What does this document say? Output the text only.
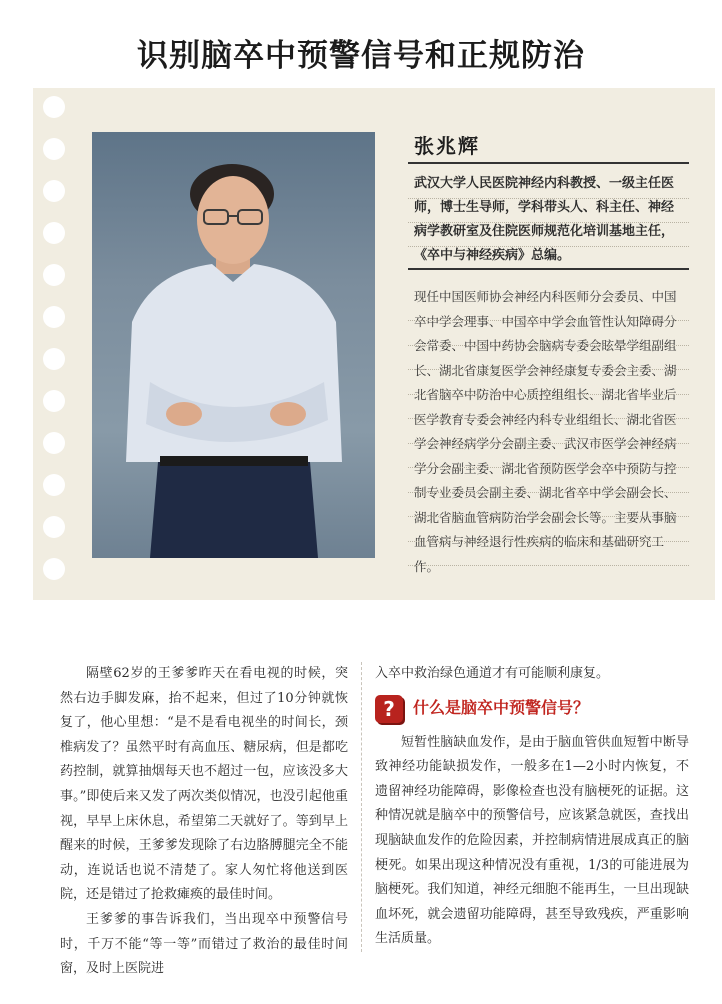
识别脑卒中预警信号和正规防治
张兆辉
武汉大学人民医院神经内科教授、一级主任医师，博士生导师，学科带头人、科主任、神经病学教研室及住院医师规范化培训基地主任，《卒中与神经疾病》总编。
现任中国医师协会神经内科医师分会委员、中国卒中学会理事、中国卒中学会血管性认知障碍分会常委、中国中药协会脑病专委会眩晕学组副组长、湖北省康复医学会神经康复专委会主委、湖北省脑卒中防治中心质控组组长、湖北省毕业后医学教育专委会神经内科专业组组长、湖北省医学会神经病学分会副主委、武汉市医学会神经病学分会副主委、湖北省预防医学会卒中预防与控制专业委员会副主委、湖北省卒中学会副会长、湖北省脑血管病防治学会副会长等。主要从事脑血管病与神经退行性疾病的临床和基础研究工作。

隔壁62岁的王爹爹昨天在看电视的时候，突然右边手脚发麻，抬不起来，但过了10分钟就恢复了，他心里想：“是不是看电视坐的时间长，颈椎病发了？虽然平时有高血压、糖尿病，但是都吃药控制，就算抽烟每天也不超过一包，应该没多大事。”即使后来又发了两次类似情况，也没引起他重视，早早上床休息，希望第二天就好了。等到早上醒来的时候，王爹爹发现除了右边胳膊腿完全不能动，连说话也说不清楚了。家人匆忙将他送到医院，还是错过了抢救瘫痪的最佳时间。

王爹爹的事告诉我们，当出现卒中预警信号时，千万不能“等一等”而错过了救治的最佳时间窗，及时上医院进

入卒中救治绿色通道才有可能顺利康复。
? 什么是脑卒中预警信号？

短暂性脑缺血发作，是由于脑血管供血短暂中断导致神经功能缺损发作，一般多在1—2小时内恢复，不遗留神经功能障碍，影像检查也没有脑梗死的证据。这种情况就是脑卒中的预警信号，应该紧急就医，查找出现脑缺血发作的危险因素，并控制病情进展成真正的脑梗死。如果出现这种情况没有重视，1/3的可能进展为脑梗死。我们知道，神经元细胞不能再生，一旦出现缺血坏死，就会遗留功能障碍，甚至导致残疾，严重影响生活质量。
